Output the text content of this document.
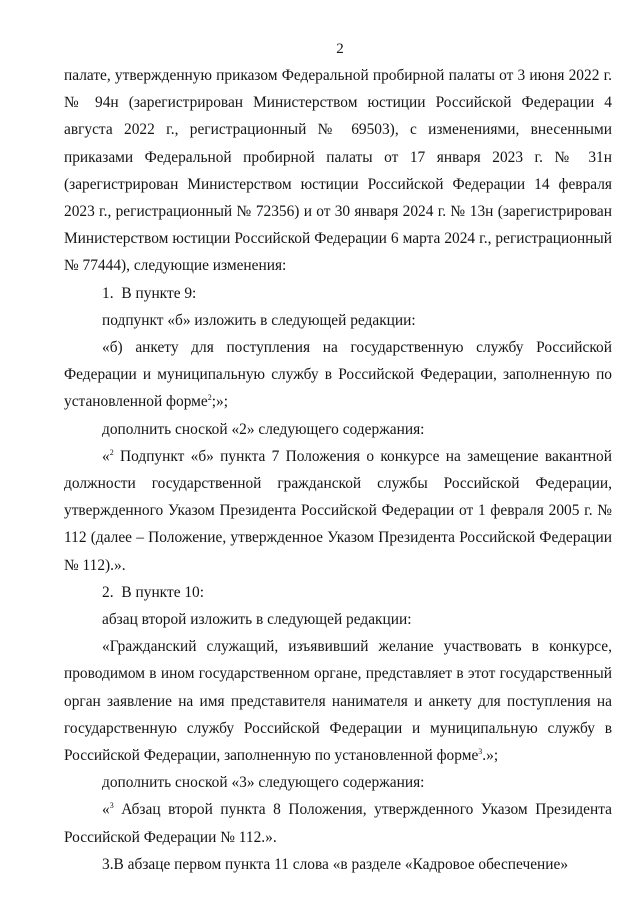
2

палате, утвержденную приказом Федеральной пробирной палаты от 3 июня 2022 г. № 94н (зарегистрирован Министерством юстиции Российской Федерации 4 августа 2022 г., регистрационный № 69503), с изменениями, внесенными приказами Федеральной пробирной палаты от 17 января 2023 г. № 31н (зарегистрирован Министерством юстиции Российской Федерации 14 февраля 2023 г., регистрационный № 72356) и от 30 января 2024 г. № 13н (зарегистрирован Министерством юстиции Российской Федерации 6 марта 2024 г., регистрационный № 77444), следующие изменения:

1. В пункте 9:

подпункт «б» изложить в следующей редакции:

«б) анкету для поступления на государственную службу Российской Федерации и муниципальную службу в Российской Федерации, заполненную по установленной форме$^2$;»;

дополнить сноской «2» следующего содержания:

«$^2$ Подпункт «б» пункта 7 Положения о конкурсе на замещение вакантной должности государственной гражданской службы Российской Федерации, утвержденного Указом Президента Российской Федерации от 1 февраля 2005 г. № 112 (далее – Положение, утвержденное Указом Президента Российской Федерации № 112).».

2. В пункте 10:

абзац второй изложить в следующей редакции:

«Гражданский служащий, изъявивший желание участвовать в конкурсе, проводимом в ином государственном органе, представляет в этот государственный орган заявление на имя представителя нанимателя и анкету для поступления на государственную службу Российской Федерации и муниципальную службу в Российской Федерации, заполненную по установленной форме$^3$.»;

дополнить сноской «3» следующего содержания:

«$^3$ Абзац второй пункта 8 Положения, утвержденного Указом Президента Российской Федерации № 112.».

3.В абзаце первом пункта 11 слова «в разделе «Кадровое обеспечение»
